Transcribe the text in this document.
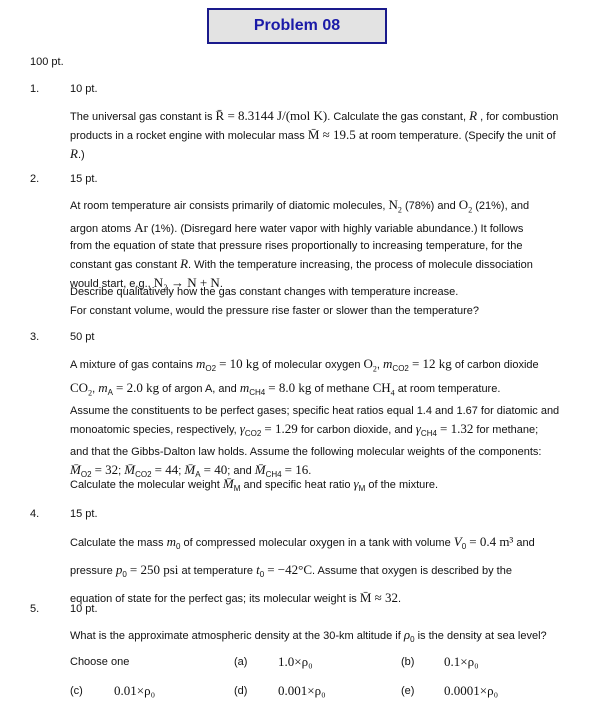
Problem 08
100 pt.
1.	10 pt.
The universal gas constant is R̄ = 8.3144 J/(mol K). Calculate the gas constant, R , for combustion
products in a rocket engine with molecular mass M̄ ≈ 19.5 at room temperature. (Specify the unit of
R.)
2.	15 pt.
At room temperature air consists primarily of diatomic molecules, $N_2$ (78%) and $O_2$ (21%), and
argon atoms Ar (1%). (Disregard here water vapor with highly variable abundance.) It follows
from the equation of state that pressure rises proportionally to increasing temperature, for the
constant gas constant R. With the temperature increasing, the process of molecule dissociation
would start, e.g., N₂ → N + N.
Describe qualitatively how the gas constant changes with temperature increase.
For constant volume, would the pressure rise faster or slower than the temperature?
3.	50 pt
A mixture of gas contains $m_{O2} = 10$ kg of molecular oxygen $O_2$, $m_{CO2} = 12$ kg of carbon dioxide
$CO_2$, $m_A = 2.0$ kg of argon A, and $m_{CH4} = 8.0$ kg of methane $CH_4$ at room temperature.
Assume the constituents to be perfect gases; specific heat ratios equal 1.4 and 1.67 for diatomic and
monoatomic species, respectively, $\gamma_{CO2} = 1.29$ for carbon dioxide, and $\gamma_{CH4} = 1.32$ for methane;
and that the Gibbs-Dalton law holds. Assume the following molecular weights of the components:
$M̄_{O2} = 32$; $M̄_{CO2} = 44$; $M̄_A = 40$; and $M̄_{CH4} = 16$.
Calculate the molecular weight $M̄_M$ and specific heat ratio $\gamma_M$ of the mixture.
4.	15 pt.
Calculate the mass $m_0$ of compressed molecular oxygen in a tank with volume $V_0 = 0.4$ m³ and
pressure $p_0 = 250$ psi at temperature $t_0 = -42^\circ C$. Assume that oxygen is described by the
equation of state for the perfect gas; its molecular weight is M̄ ≈ 32.
5.	10 pt.
What is the approximate atmospheric density at the 30-km altitude if $\rho_0$ is the density at sea level?
Choose one	(a) 1.0×ρ₀	(b) 0.1×ρ₀
(c) 0.01×ρ₀	(d) 0.001×ρ₀	(e) 0.0001×ρ₀
